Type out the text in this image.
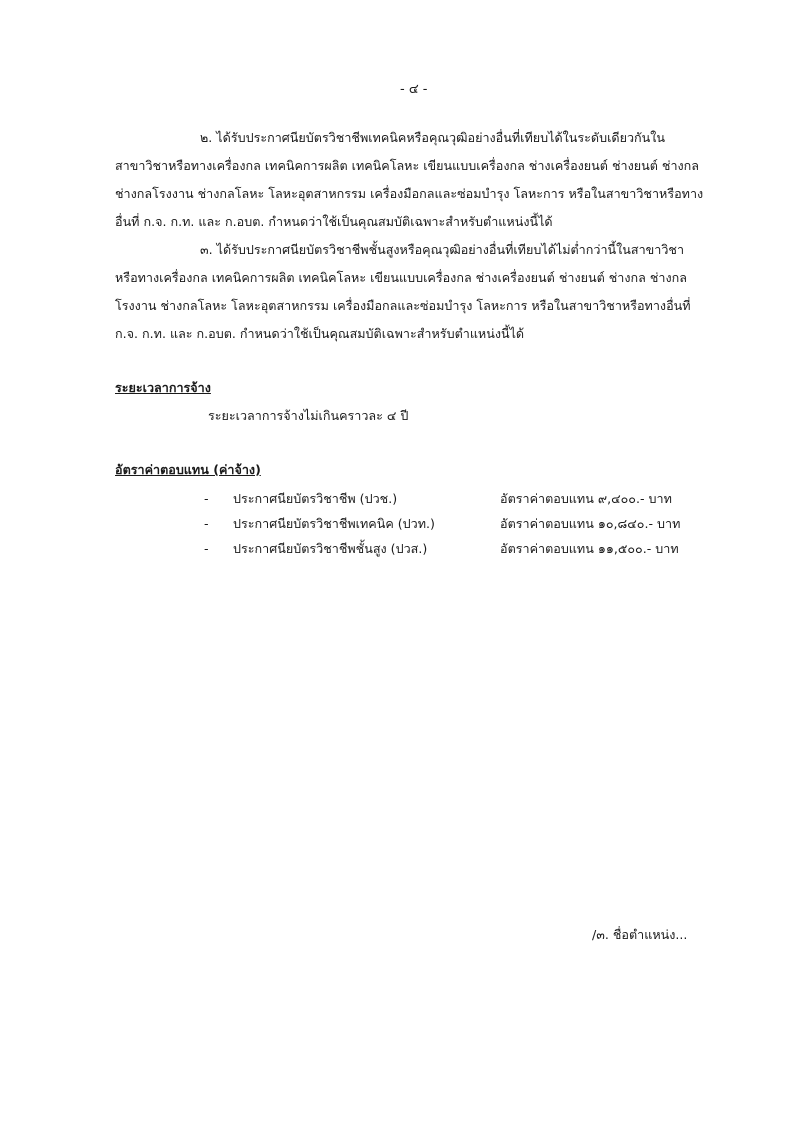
- ๔ -
๒. ได้รับประกาศนียบัตรวิชาชีพเทคนิคหรือคุณวุฒิอย่างอื่นที่เทียบได้ในระดับเดียวกันใน
สาขาวิชาหรือทางเครื่องกล เทคนิคการผลิต เทคนิคโลหะ เขียนแบบเครื่องกล ช่างเครื่องยนต์ ช่างยนต์ ช่างกล
ช่างกลโรงงาน ช่างกลโลหะ โลหะอุตสาหกรรม เครื่องมือกลและซ่อมบำรุง โลหะการ หรือในสาขาวิชาหรือทาง
อื่นที่ ก.จ. ก.ท. และ ก.อบต. กำหนดว่าใช้เป็นคุณสมบัติเฉพาะสำหรับตำแหน่งนี้ได้
๓. ได้รับประกาศนียบัตรวิชาชีพชั้นสูงหรือคุณวุฒิอย่างอื่นที่เทียบได้ไม่ต่ำกว่านี้ในสาขาวิชา
หรือทางเครื่องกล เทคนิคการผลิต เทคนิคโลหะ เขียนแบบเครื่องกล ช่างเครื่องยนต์ ช่างยนต์ ช่างกล ช่างกล
โรงงาน ช่างกลโลหะ โลหะอุตสาหกรรม เครื่องมือกลและซ่อมบำรุง โลหะการ หรือในสาขาวิชาหรือทางอื่นที่
ก.จ. ก.ท. และ ก.อบต. กำหนดว่าใช้เป็นคุณสมบัติเฉพาะสำหรับตำแหน่งนี้ได้
ระยะเวลาการจ้าง
ระยะเวลาการจ้างไม่เกินคราวละ ๔ ปี
อัตราค่าตอบแทน (ค่าจ้าง)
- ประกาศนียบัตรวิชาชีพ (ปวช.)	อัตราค่าตอบแทน ๙,๔๐๐.- บาท
- ประกาศนียบัตรวิชาชีพเทคนิค (ปวท.)	อัตราค่าตอบแทน ๑๐,๘๔๐.- บาท
- ประกาศนียบัตรวิชาชีพชั้นสูง (ปวส.)	อัตราค่าตอบแทน ๑๑,๕๐๐.- บาท
/๓. ชื่อตำแหน่ง...
